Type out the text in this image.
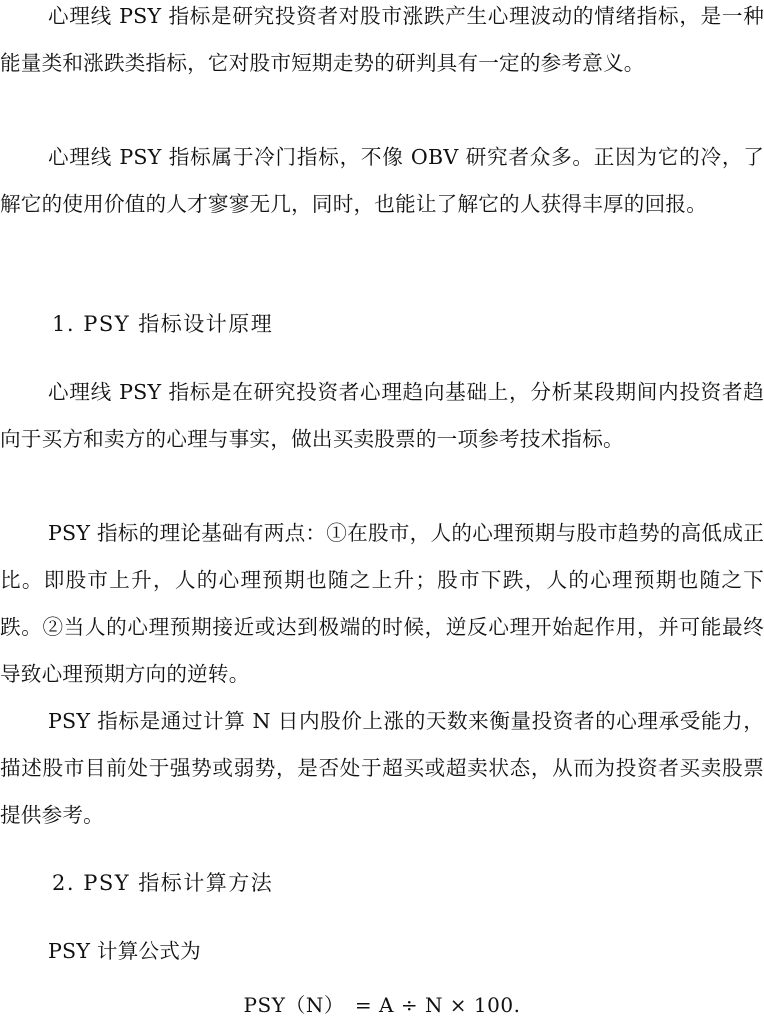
心理线 PSY 指标是研究投资者对股市涨跌产生心理波动的情绪指标，是一种能量类和涨跌类指标，它对股市短期走势的研判具有一定的参考意义。

心理线 PSY 指标属于冷门指标，不像 OBV 研究者众多。正因为它的冷，了解它的使用价值的人才寥寥无几，同时，也能让了解它的人获得丰厚的回报。

1. PSY 指标设计原理

心理线 PSY 指标是在研究投资者心理趋向基础上，分析某段期间内投资者趋向于买方和卖方的心理与事实，做出买卖股票的一项参考技术指标。

PSY 指标的理论基础有两点：①在股市，人的心理预期与股市趋势的高低成正比。即股市上升，人的心理预期也随之上升；股市下跌，人的心理预期也随之下跌。②当人的心理预期接近或达到极端的时候，逆反心理开始起作用，并可能最终导致心理预期方向的逆转。

PSY 指标是通过计算 N 日内股价上涨的天数来衡量投资者的心理承受能力，描述股市目前处于强势或弱势，是否处于超买或超卖状态，从而为投资者买卖股票提供参考。

2. PSY 指标计算方法

PSY 计算公式为

PSY（N）　= A ÷ N × 100.
